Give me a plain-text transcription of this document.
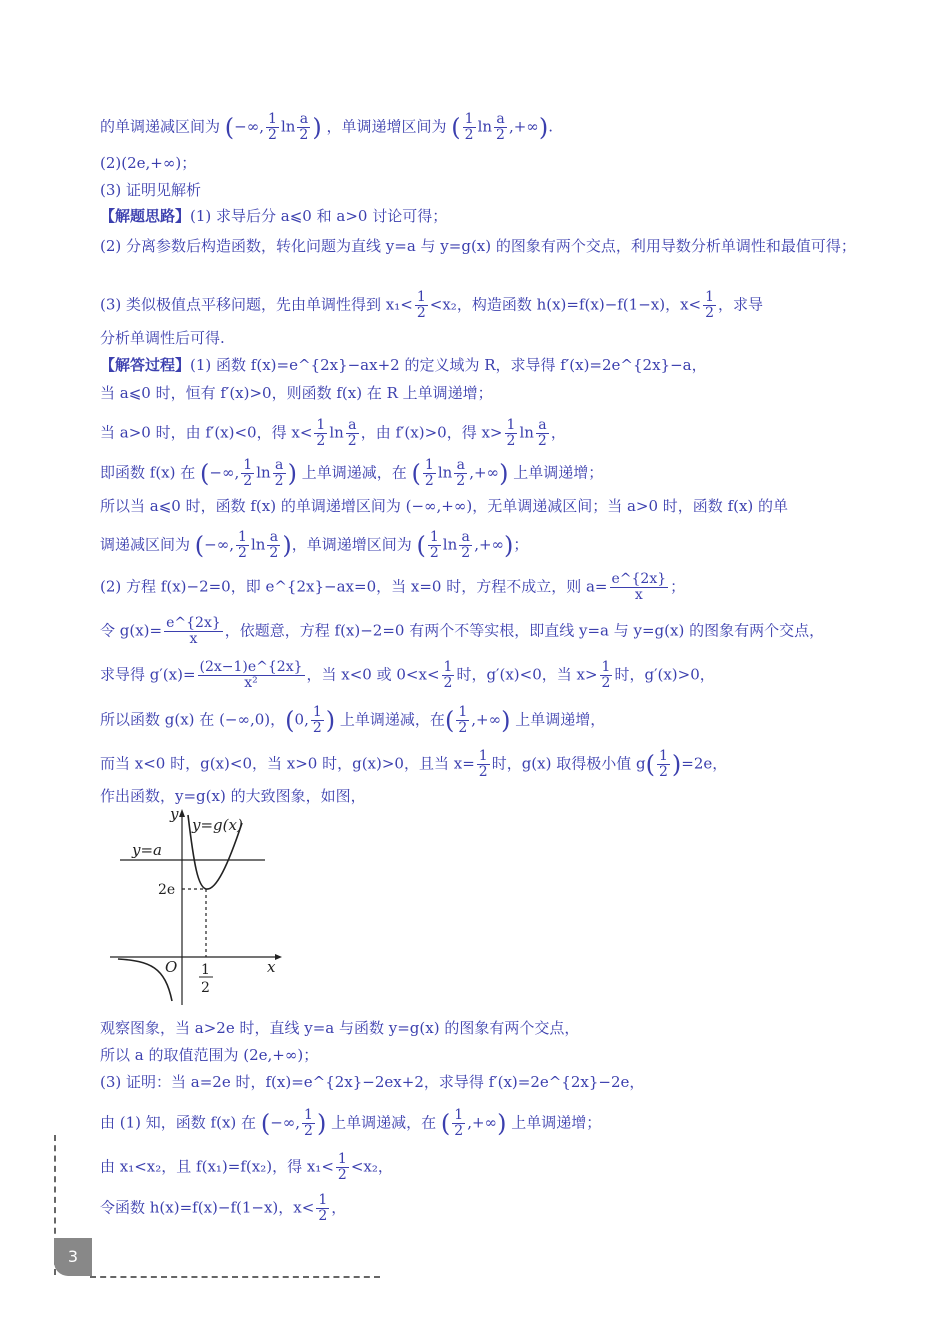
的单调递减区间为 (−∞, $\frac{1}{2}$ $\ln \frac{a}{2}$ ) ，单调递增区间为 ( $\frac{1}{2}$ $\ln \frac{a}{2}$ ,+∞).
(2)(2e,+∞)；
(3) 证明见解析
【解题思路】(1) 求导后分 a⩽0 和 a>0 讨论可得；
(2) 分离参数后构造函数，转化问题为直线 y=a 与 y=g(x) 的图象有两个交点，利用导数分析单调性和最值可得；
(3) 类似极值点平移问题，先由单调性得到 $x_1< \frac{1}{2} <x_2$，构造函数 h(x)=f(x)−f(1−x)，$x< \frac{1}{2}$ ，求导
分析单调性后可得.
【解答过程】(1) 函数 f(x)=e^{2x}−ax+2 的定义域为 R，求导得 f′(x)=2e^{2x}−a，
当 a⩽0 时，恒有 f′(x)>0，则函数 f(x) 在 R 上单调递增；
当 a>0 时，由 f′(x)<0，得 $x< \frac{1}{2}$ $\ln \frac{a}{2}$ ，由 f′(x)>0，得 $x> \frac{1}{2}$ $\ln \frac{a}{2}$ ，
即函数 f(x) 在 (−∞, $\frac{1}{2}$ $\ln \frac{a}{2}$ ) 上单调递减，在 ( $\frac{1}{2}$ $\ln \frac{a}{2}$ ,+∞) 上单调递增；
所以当 a⩽0 时，函数 f(x) 的单调递增区间为 (−∞,+∞)，无单调递减区间；当 a>0 时，函数 f(x) 的单
调递减区间为 (−∞, $\frac{1}{2}$ $\ln \frac{a}{2}$ )，单调递增区间为 ( $\frac{1}{2}$ $\ln \frac{a}{2}$ ,+∞)；
(2) 方程 f(x)−2=0，即 e^{2x}−ax=0，当 x=0 时，方程不成立，则 $a= \frac{e\^{}\{2x\}}{x}$ ；
令 $g(x)= \frac{e\^{}\{2x\}}{x}$ ，依题意，方程 f(x)−2=0 有两个不等实根，即直线 y=a 与 y=g(x) 的图象有两个交点，
求导得 $g'(x)= \frac{(2x-1)e\^{}\{2x\}}{\text{x²}}$ ，当 x<0 或 $0<x< \frac{1}{2}$ 时，g′(x)<0，当 $x> \frac{1}{2}$ 时，g′(x)>0，
所以函数 g(x) 在 (−∞,0)，(0, $\frac{1}{2}$ ) 上单调递减，在( $\frac{1}{2}$ ,+∞) 上单调递增，
而当 x<0 时，g(x)<0，当 x>0 时，g(x)>0，且当 $x= \frac{1}{2}$ 时，g(x) 取得极小值 $g( \frac{1}{2} )=2e$，
作出函数，y=g(x) 的大致图象，如图，
y
x
O
y=g(x)
y=a
2e
1
2
观察图象，当 a>2e 时，直线 y=a 与函数 y=g(x) 的图象有两个交点，
所以 a 的取值范围为 (2e,+∞)；
(3) 证明：当 a=2e 时，f(x)=e^{2x}−2ex+2，求导得 f′(x)=2e^{2x}−2e，
由 (1) 知，函数 f(x) 在 (−∞, $\frac{1}{2}$ ) 上单调递减，在 ( $\frac{1}{2}$ ,+∞) 上单调递增；
由 x₁<x₂，且 f(x₁)=f(x₂)，得 $x_1< \frac{1}{2} <x_2$，
令函数 h(x)=f(x)−f(1−x)，$x< \frac{1}{2}$ ，
3
